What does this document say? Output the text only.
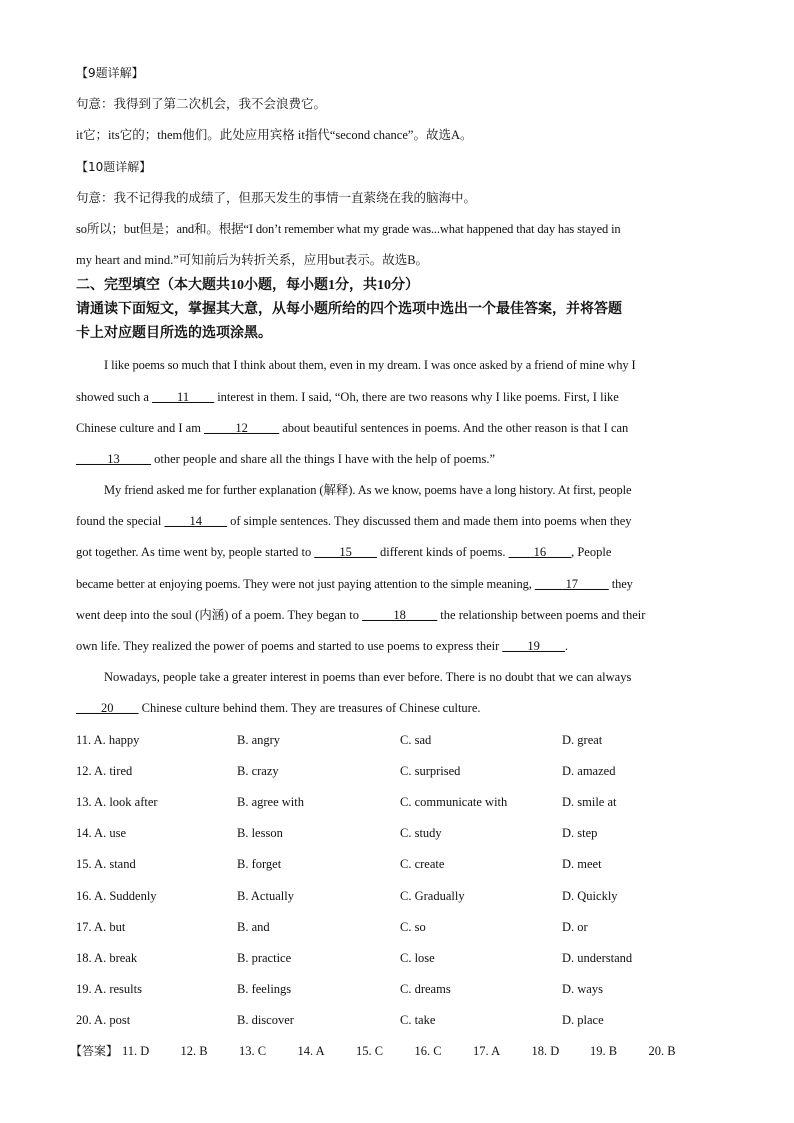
【9题详解】
句意：我得到了第二次机会，我不会浪费它。
it它；its它的；them他们。此处应用宾格 it指代“second chance”。故选A。
【10题详解】
句意：我不记得我的成绩了，但那天发生的事情一直萦绕在我的脑海中。
so所以；but但是；and和。根据“I don’t remember what my grade was...what happened that day has stayed in
my heart and mind.”可知前后为转折关系，应用but表示。故选B。
二、完型填空（本大题共10小题，每小题1分，共10分）
请通读下面短文，掌握其大意，从每小题所给的四个选项中选出一个最佳答案，并将答题
卡上对应题目所选的选项涂黑。
I like poems so much that I think about them, even in my dream. I was once asked by a friend of mine why I
showed such a ____11____ interest in them. I said, “Oh, there are two reasons why I like poems. First, I like
Chinese culture and I am _____12_____ about beautiful sentences in poems. And the other reason is that I can
_____13_____ other people and share all the things I have with the help of poems.”
My friend asked me for further explanation (解释). As we know, poems have a long history. At first, people
found the special ____14____ of simple sentences. They discussed them and made them into poems when they
got together. As time went by, people started to ____15____ different kinds of poems. ____16____, People
became better at enjoying poems. They were not just paying attention to the simple meaning, _____17_____ they
went deep into the soul (内涵) of a poem. They began to _____18_____ the relationship between poems and their
own life. They realized the power of poems and started to use poems to express their ____19____.
Nowadays, people take a greater interest in poems than ever before. There is no doubt that we can always
____20____ Chinese culture behind them. They are treasures of Chinese culture.
11. A. happy	B. angry	C. sad	D. great
12. A. tired	B. crazy	C. surprised	D. amazed
13. A. look after	B. agree with	C. communicate with	D. smile at
14. A. use	B. lesson	C. study	D. step
15. A. stand	B. forget	C. create	D. meet
16. A. Suddenly	B. Actually	C. Gradually	D. Quickly
17. A. but	B. and	C. so	D. or
18. A. break	B. practice	C. lose	D. understand
19. A. results	B. feelings	C. dreams	D. ways
20. A. post	B. discover	C. take	D. place
【答案】 11. D 12. B	13. C	14. A	15. C	16. C	17. A	18. D 19. B	20. B
